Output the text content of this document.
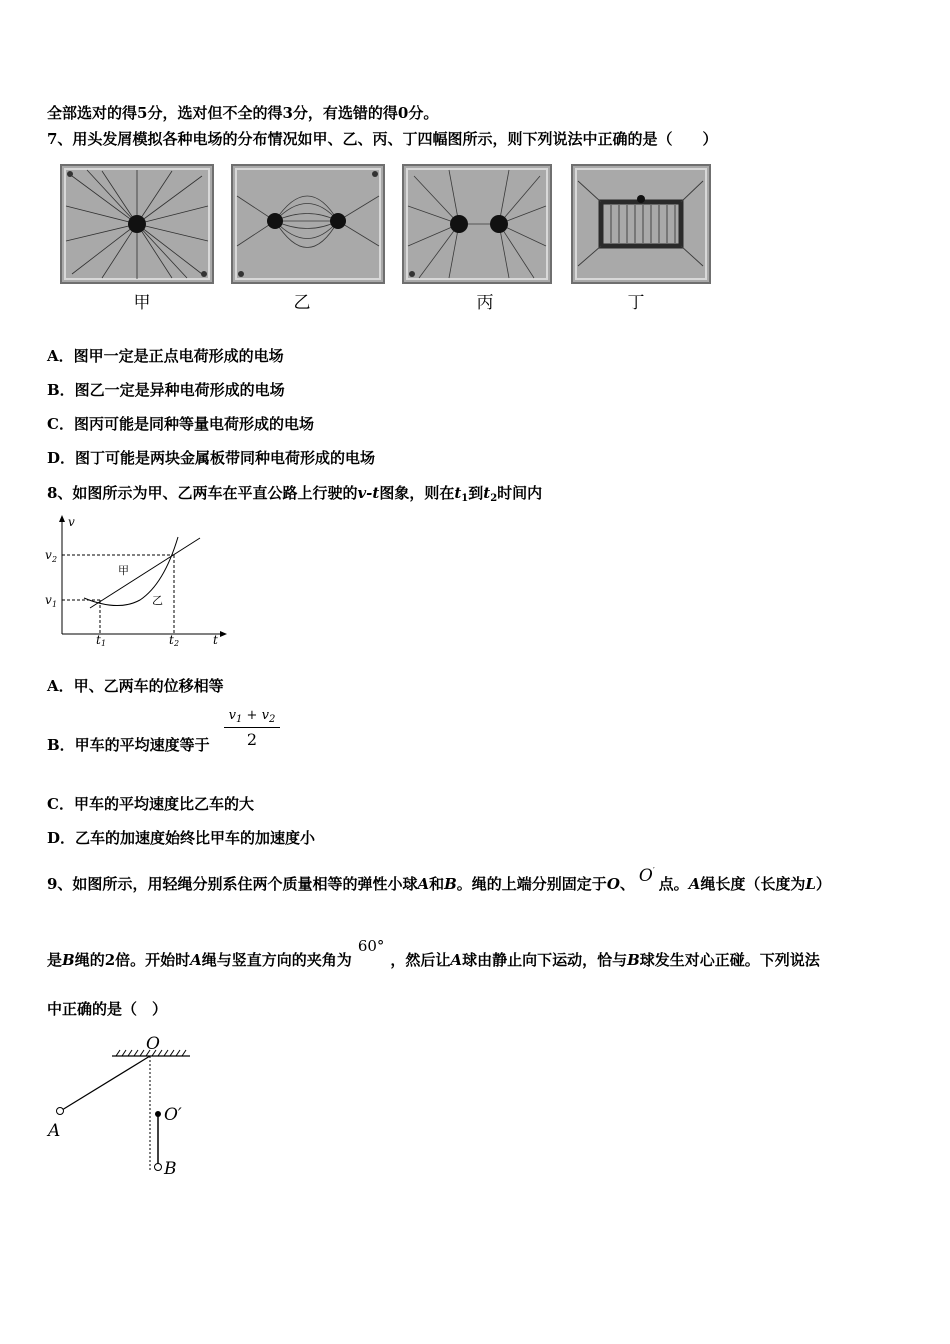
全部选对的得5分，选对但不全的得3分，有选错的得0分。
7、用头发屑模拟各种电场的分布情况如甲、乙、丙、丁四幅图所示，则下列说法中正确的是（　　）
甲	乙	丙	丁
A．图甲一定是正点电荷形成的电场
B．图乙一定是异种电荷形成的电场
C．图丙可能是同种等量电荷形成的电场
D．图丁可能是两块金属板带同种电荷形成的电场
8、如图所示为甲、乙两车在平直公路上行驶的v-t图象，则在$t_1$到$t_2$时间内
v
t
v 2
v 1
t 1	t 2
甲
乙
A．甲、乙两车的位移相等
B．甲车的平均速度等于
$v_1 + v_2$
2
C．甲车的平均速度比乙车的大
D．乙车的加速度始终比甲车的加速度小
9、如图所示，用轻绳分别系住两个质量相等的弹性小球A和B。绳的上端分别固定于O、 O′点。A绳长度（长度为L）
是B绳的2倍。开始时A绳与竖直方向的夹角为60°，然后让A球由静止向下运动，恰与B球发生对心正碰。下列说法
中正确的是（　）
O
O′
A
B
